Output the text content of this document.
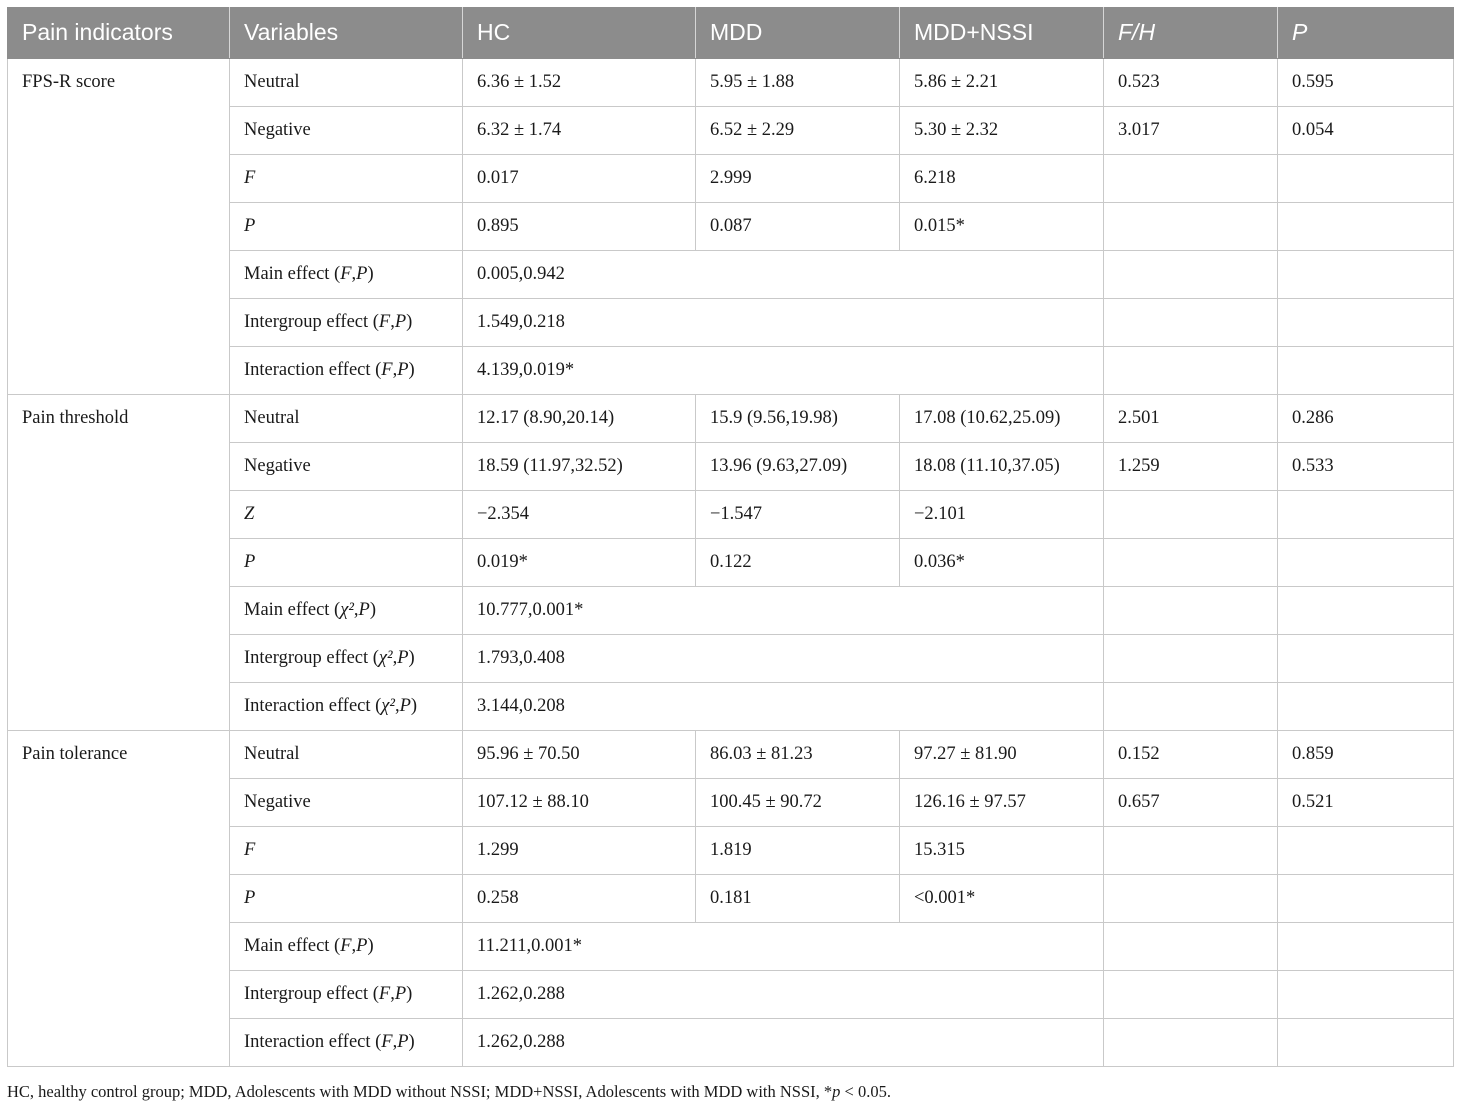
Pain indicators	Variables	HC	MDD	MDD+NSSI	F/H	P
FPS-R score	Neutral	6.36 ± 1.52	5.95 ± 1.88	5.86 ± 2.21	0.523	0.595
	Negative	6.32 ± 1.74	6.52 ± 2.29	5.30 ± 2.32	3.017	0.054
	F	0.017	2.999	6.218		
	P	0.895	0.087	0.015*		
	Main effect (F,P)	0.005,0.942				
	Intergroup effect (F,P)	1.549,0.218				
	Interaction effect (F,P)	4.139,0.019*				
Pain threshold	Neutral	12.17 (8.90,20.14)	15.9 (9.56,19.98)	17.08 (10.62,25.09)	2.501	0.286
	Negative	18.59 (11.97,32.52)	13.96 (9.63,27.09)	18.08 (11.10,37.05)	1.259	0.533
	Z	−2.354	−1.547	−2.101		
	P	0.019*	0.122	0.036*		
	Main effect (χ²,P)	10.777,0.001*				
	Intergroup effect (χ²,P)	1.793,0.408				
	Interaction effect (χ²,P)	3.144,0.208				
Pain tolerance	Neutral	95.96 ± 70.50	86.03 ± 81.23	97.27 ± 81.90	0.152	0.859
	Negative	107.12 ± 88.10	100.45 ± 90.72	126.16 ± 97.57	0.657	0.521
	F	1.299	1.819	15.315		
	P	0.258	0.181	<0.001*		
	Main effect (F,P)	11.211,0.001*				
	Intergroup effect (F,P)	1.262,0.288				
	Interaction effect (F,P)	1.262,0.288				
HC, healthy control group; MDD, Adolescents with MDD without NSSI; MDD+NSSI, Adolescents with MDD with NSSI, *p < 0.05.
